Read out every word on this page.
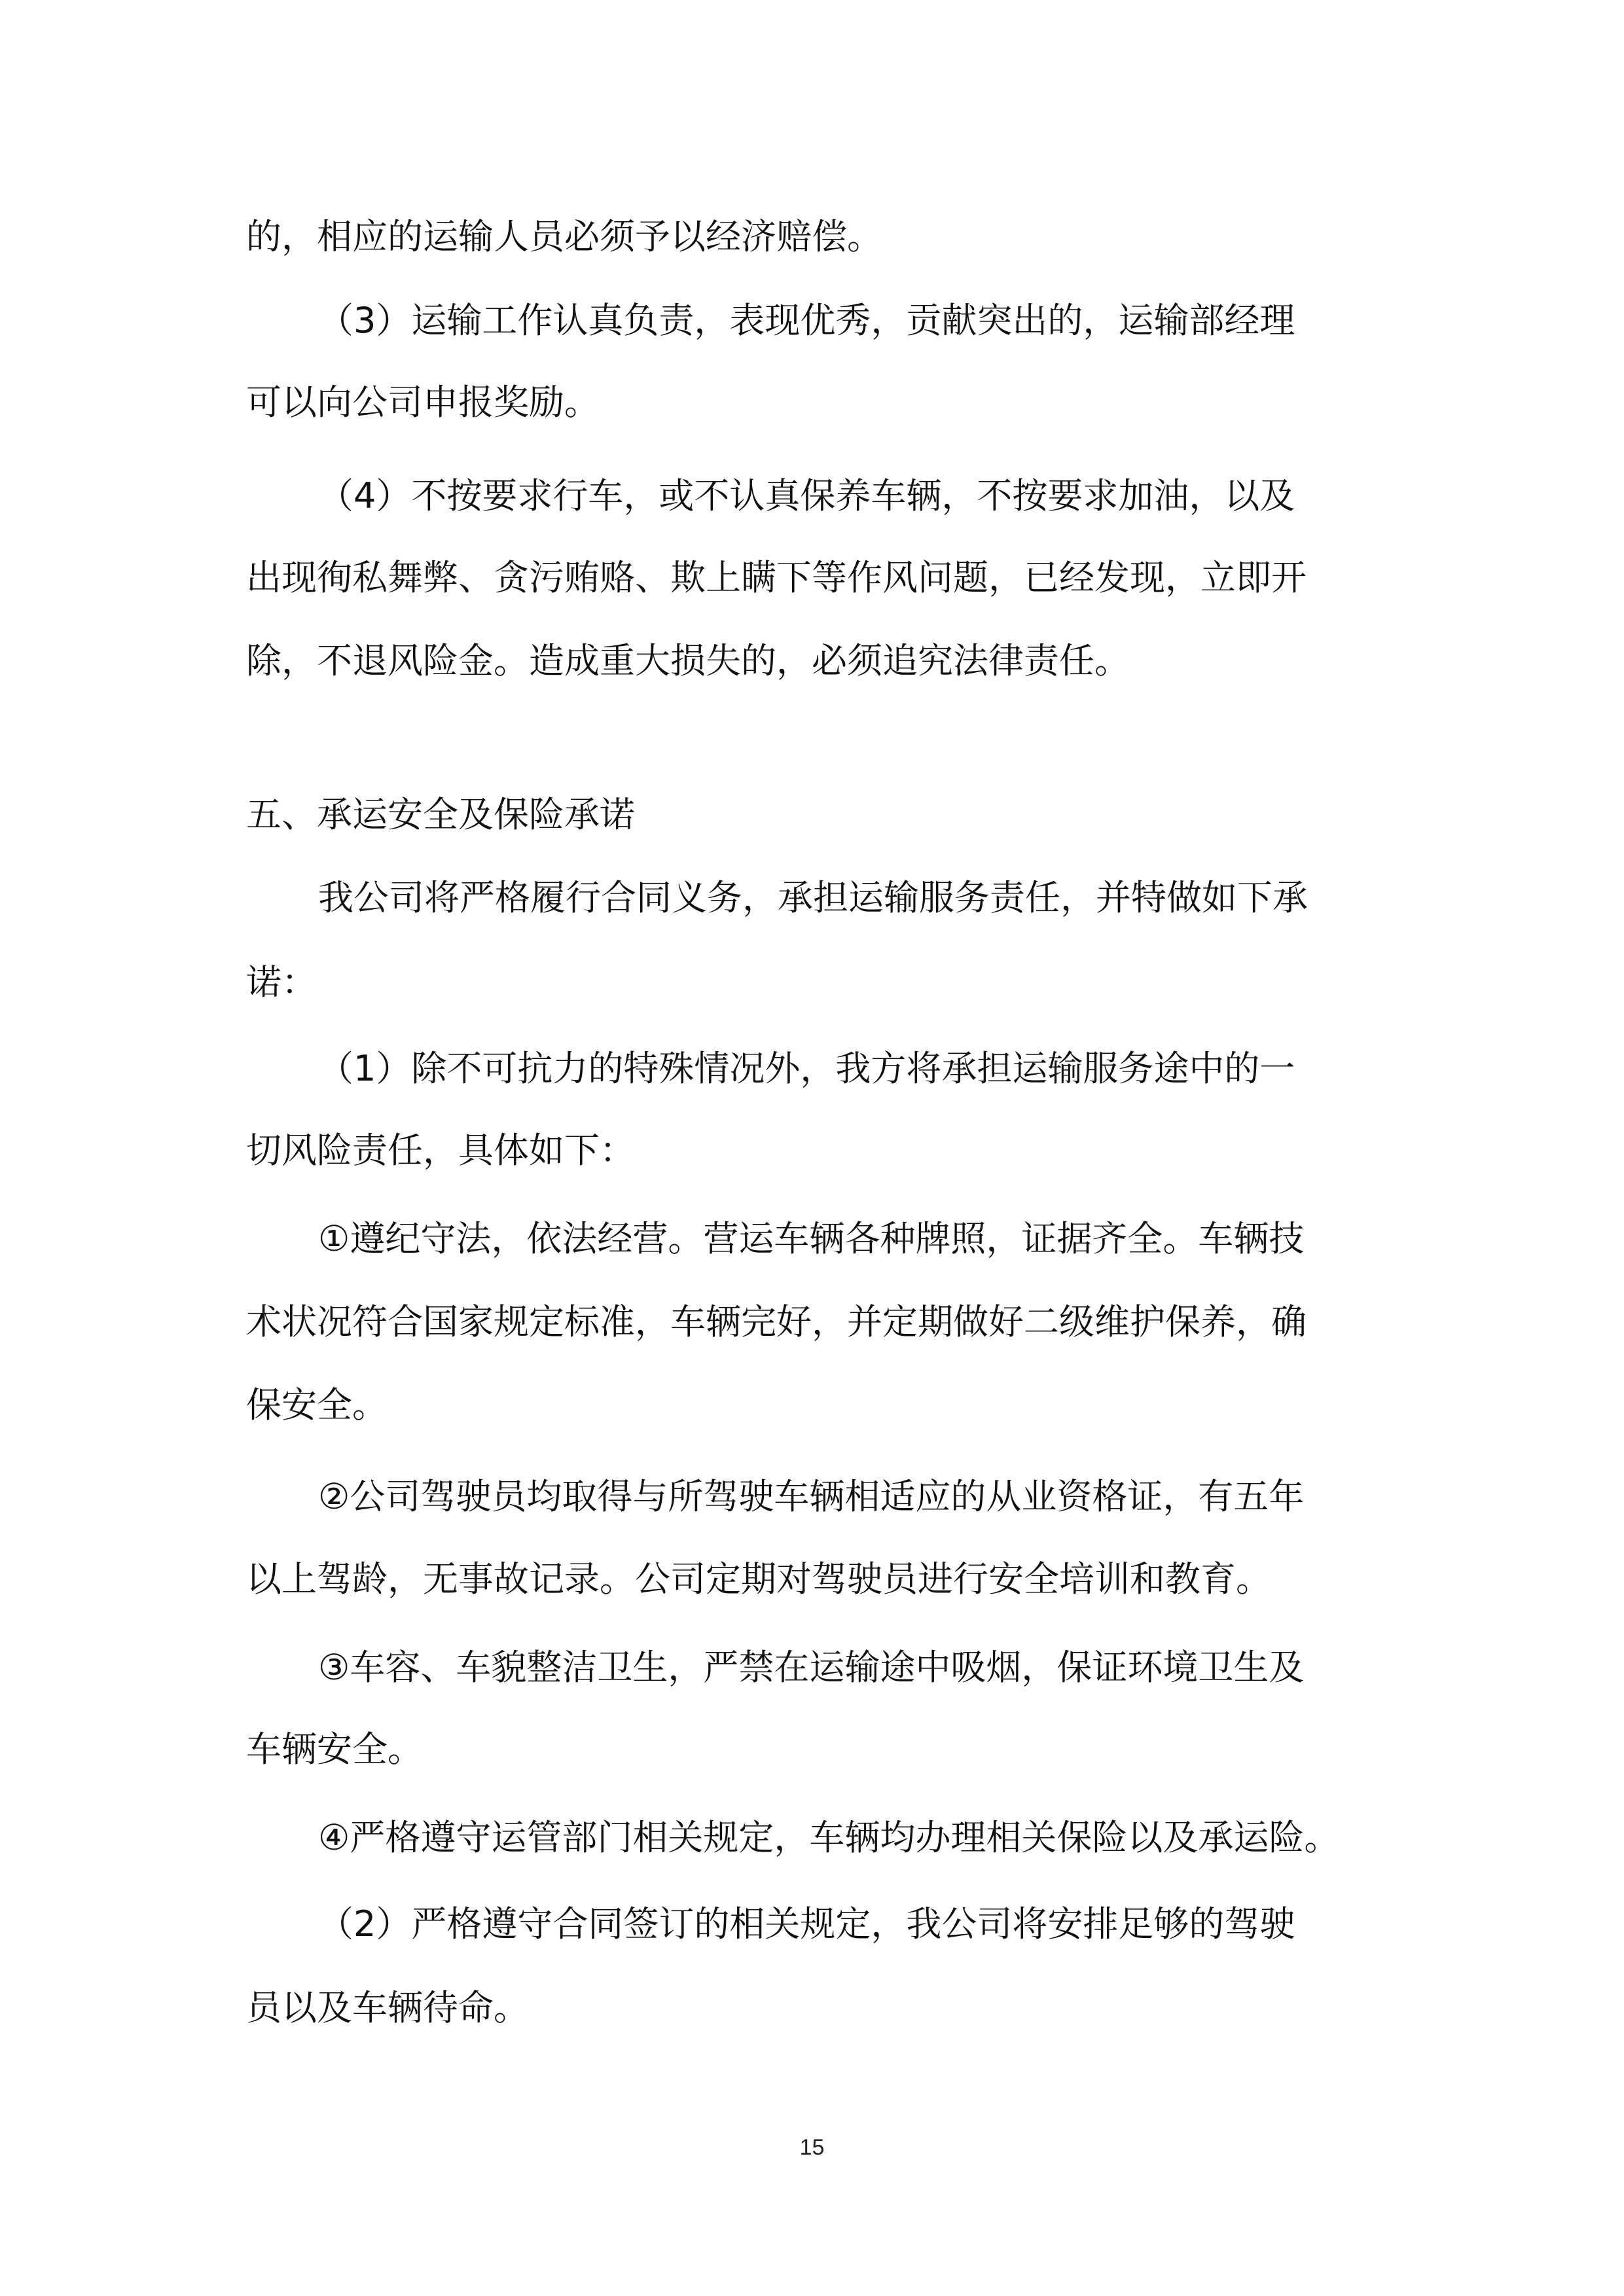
的，相应的运输人员必须予以经济赔偿。
（3）运输工作认真负责，表现优秀，贡献突出的，运输部经理
可以向公司申报奖励。
（4）不按要求行车，或不认真保养车辆，不按要求加油，以及
出现徇私舞弊、贪污贿赂、欺上瞒下等作风问题，已经发现，立即开
除，不退风险金。造成重大损失的，必须追究法律责任。
五、承运安全及保险承诺
我公司将严格履行合同义务，承担运输服务责任，并特做如下承
诺：
（1）除不可抗力的特殊情况外，我方将承担运输服务途中的一
切风险责任，具体如下：
①遵纪守法，依法经营。营运车辆各种牌照，证据齐全。车辆技
术状况符合国家规定标准，车辆完好，并定期做好二级维护保养，确
保安全。
②公司驾驶员均取得与所驾驶车辆相适应的从业资格证，有五年
以上驾龄，无事故记录。公司定期对驾驶员进行安全培训和教育。
③车容、车貌整洁卫生，严禁在运输途中吸烟，保证环境卫生及
车辆安全。
④严格遵守运管部门相关规定，车辆均办理相关保险以及承运险。
（2）严格遵守合同签订的相关规定，我公司将安排足够的驾驶
员以及车辆待命。
15
